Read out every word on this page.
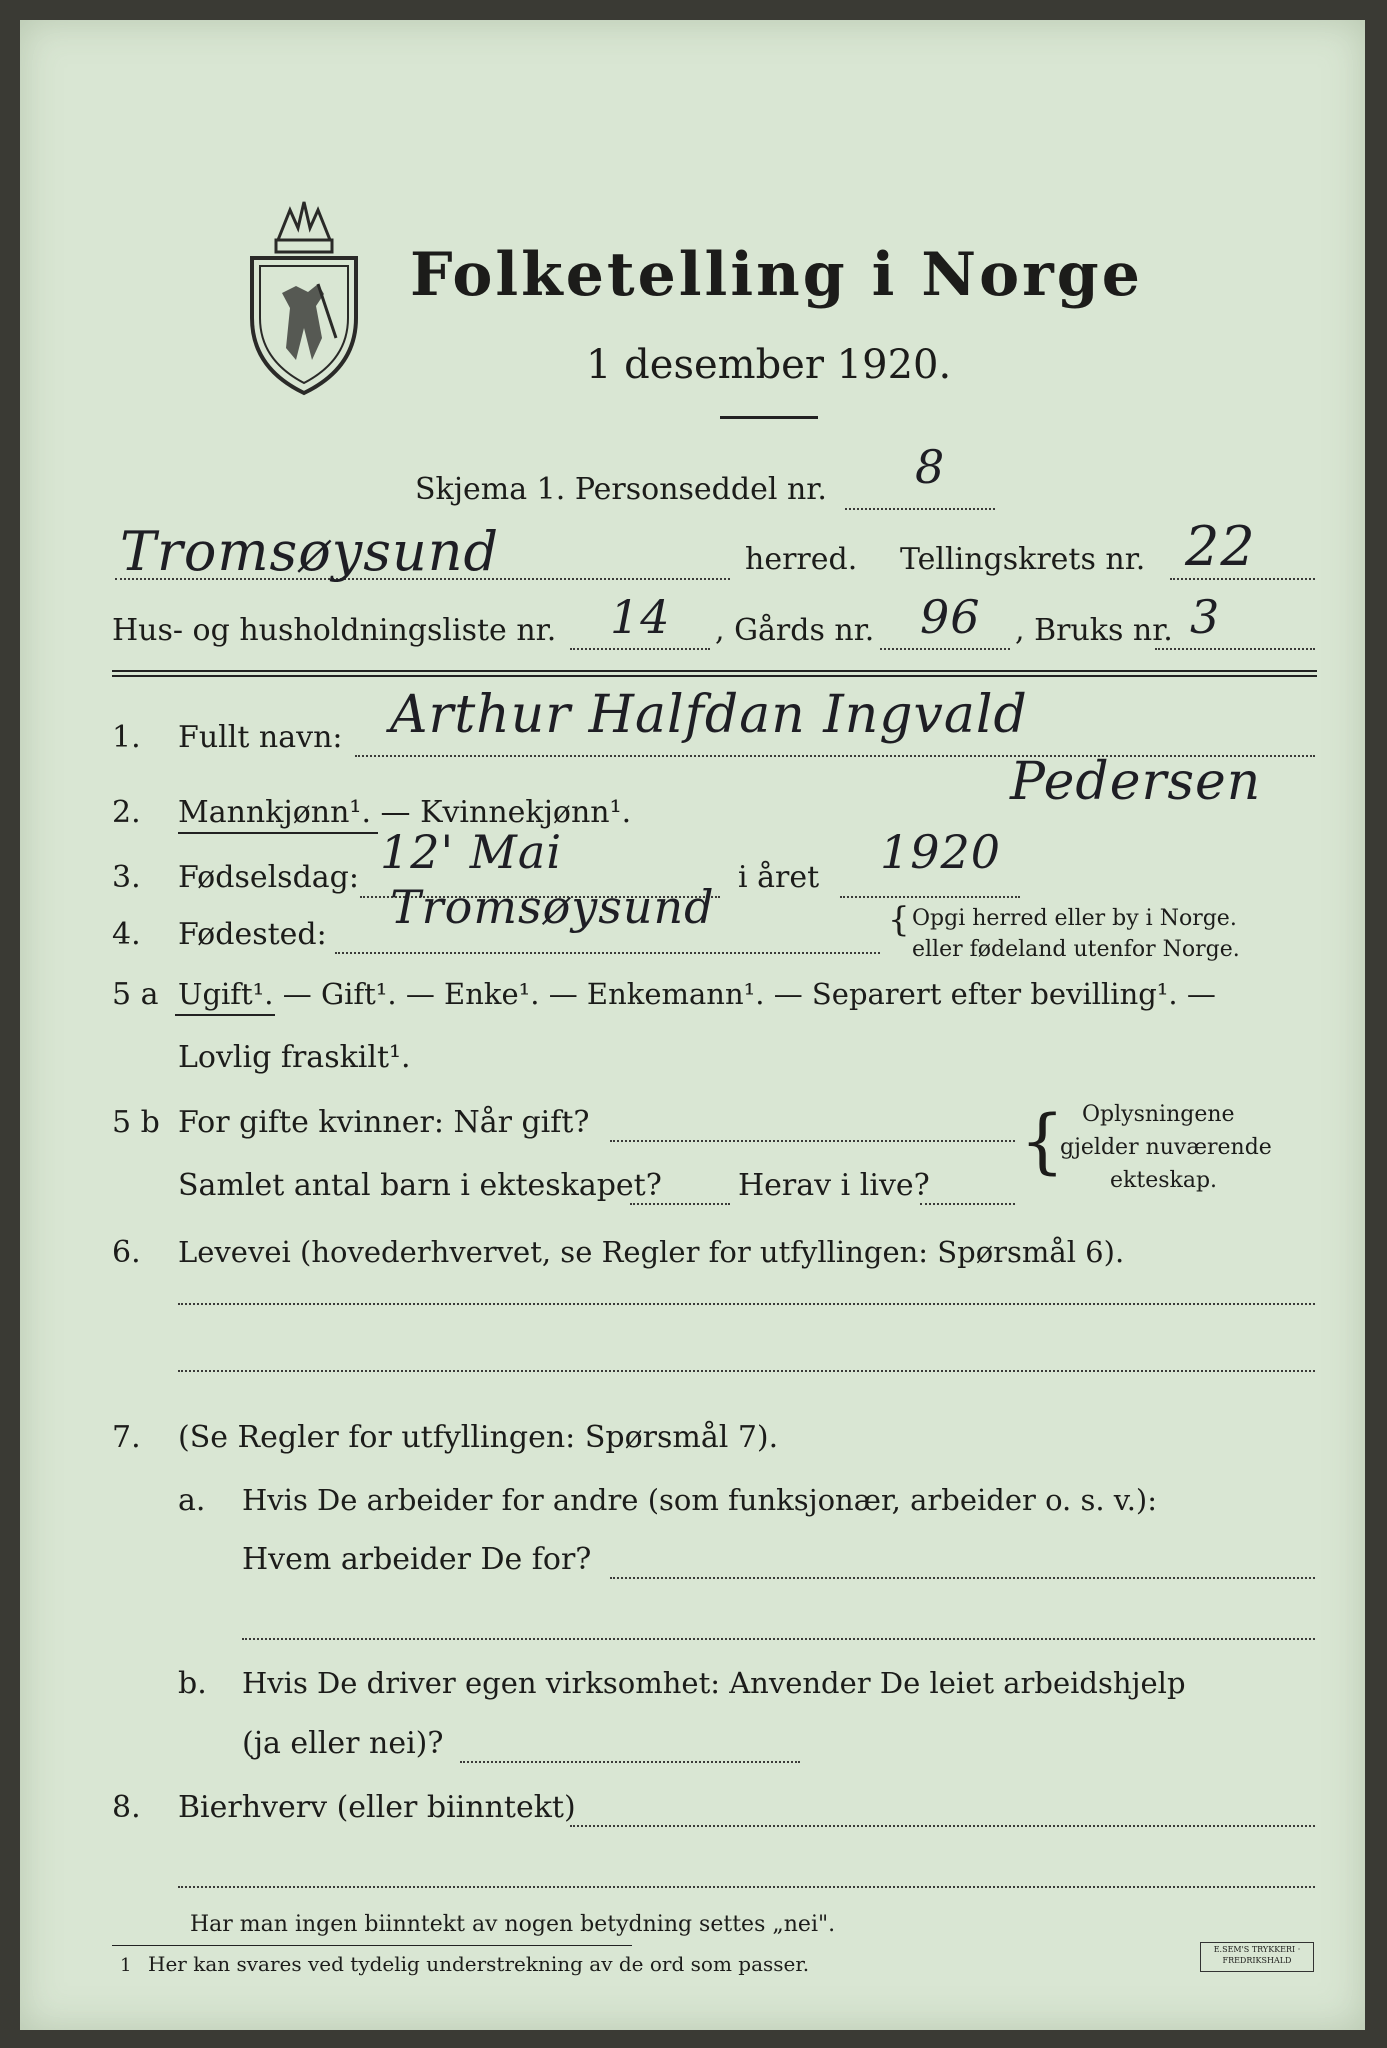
Folketelling i Norge
1 desember 1920.
Skjema 1. Personseddel nr. 8
Tromsøysund	herred. Tellingskrets nr. 22
Hus- og husholdningsliste nr. 14 , Gårds nr. 96 , Bruks nr. 3
1. Fullt navn: Arthur Halfdan Ingvald
Pedersen
2. Mannkjønn¹. — Kvinnekjønn¹.
3. Fødselsdag: 12' Mai	i året 1920
4. Fødested:
Tromsøysund	{ Opgi herred eller by i Norge.
eller fødeland utenfor Norge.
5 a Ugift¹. — Gift¹. — Enke¹. — Enkemann¹. — Separert efter bevilling¹. —
Lovlig fraskilt¹.
5 b For gifte kvinner: Når gift?
Samlet antal barn i ekteskapet?	Herav i live?
{ Oplysningene
gjelder nuværende
ekteskap.
6. Levevei (hovederhvervet, se Regler for utfyllingen: Spørsmål 6).
7. (Se Regler for utfyllingen: Spørsmål 7).
a. Hvis De arbeider for andre (som funksjonær, arbeider o. s. v.):
Hvem arbeider De for?
b. Hvis De driver egen virksomhet: Anvender De leiet arbeidshjelp
(ja eller nei)?
8. Bierhverv (eller biinntekt)
Har man ingen biinntekt av nogen betydning settes „nei".
1 Her kan svares ved tydelig understrekning av de ord som passer.
E.SEM'S TRYKKERI · FREDRIKSHALD
